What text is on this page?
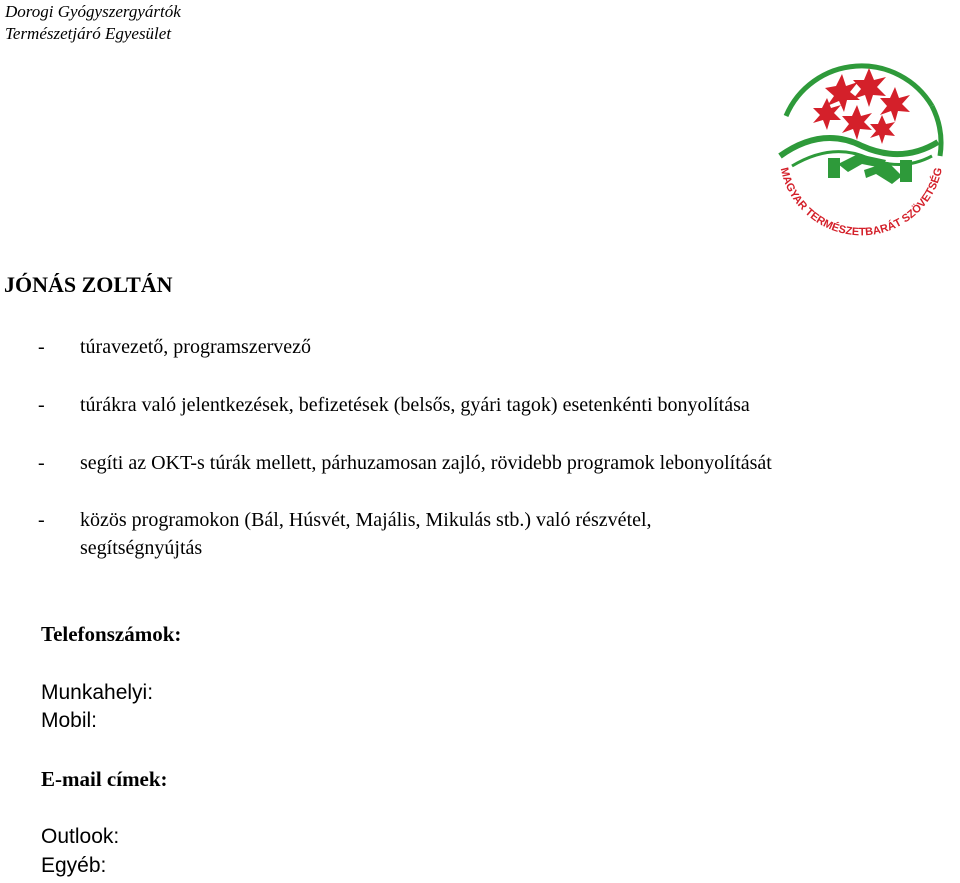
Dorogi Gyógyszergyártók
Természetjáró Egyesület
MAGYAR TERMÉSZETBARÁT SZÖVETSÉG
JÓNÁS ZOLTÁN
- túravezető, programszervező
- túrákra való jelentkezések, befizetések (belsős, gyári tagok) esetenkénti bonyolítása
- segíti az OKT-s túrák mellett, párhuzamosan zajló, rövidebb programok lebonyolítását
- közös programokon (Bál, Húsvét, Majális, Mikulás stb.) való részvétel,
segítségnyújtás
Telefonszámok:
Munkahelyi:
Mobil:
E-mail címek:
Outlook:
Egyéb:
